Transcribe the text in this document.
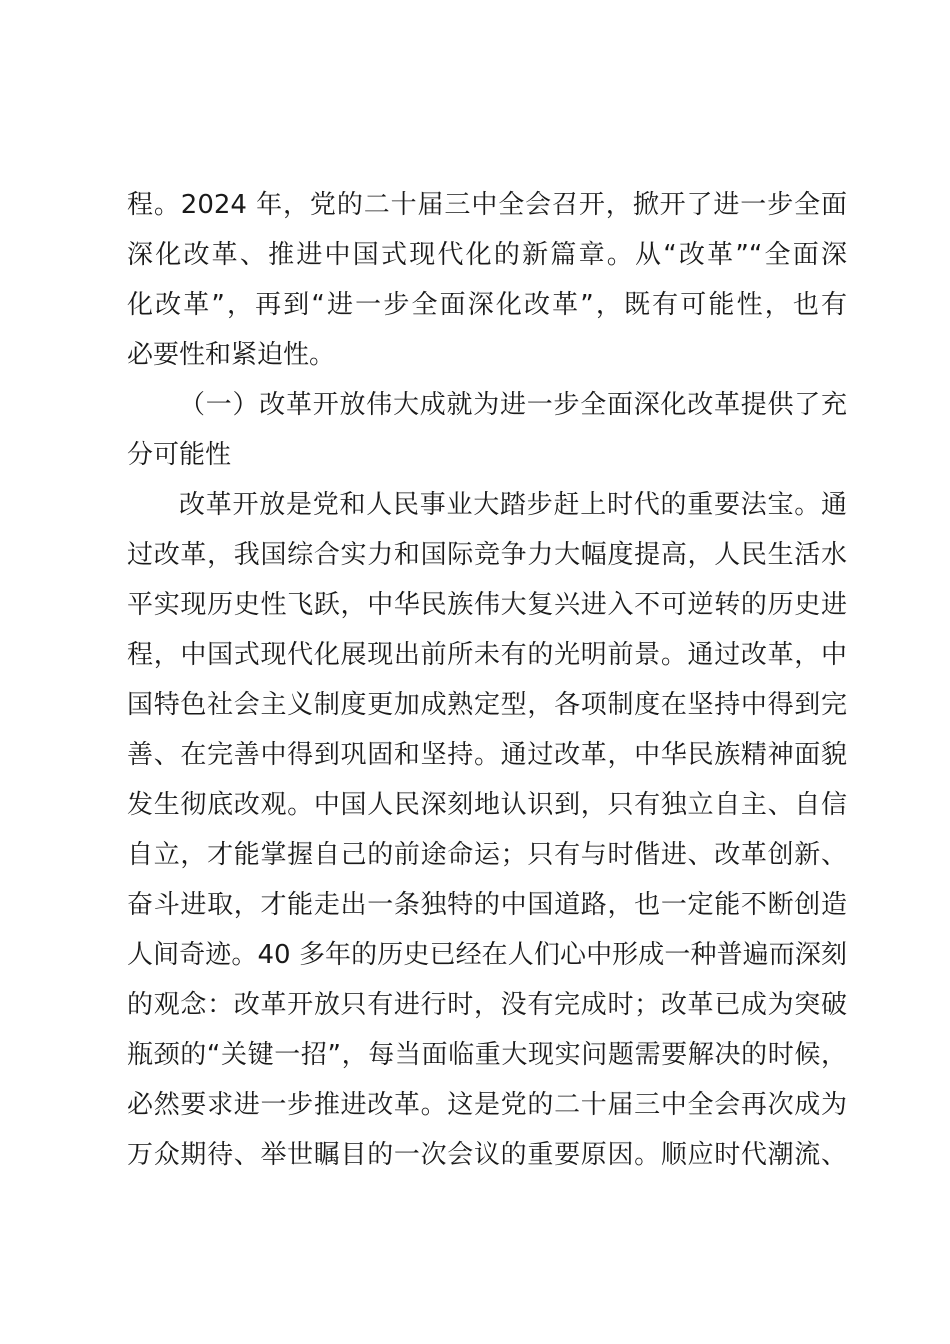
程。2024 年，党的二十届三中全会召开，掀开了进一步全面
深化改革、推进中国式现代化的新篇章。从“改革”“全面深
化改革”，再到“进一步全面深化改革”，既有可能性，也有
必要性和紧迫性。
（一）改革开放伟大成就为进一步全面深化改革提供了充
分可能性
改革开放是党和人民事业大踏步赶上时代的重要法宝。通
过改革，我国综合实力和国际竞争力大幅度提高，人民生活水
平实现历史性飞跃，中华民族伟大复兴进入不可逆转的历史进
程，中国式现代化展现出前所未有的光明前景。通过改革，中
国特色社会主义制度更加成熟定型，各项制度在坚持中得到完
善、在完善中得到巩固和坚持。通过改革，中华民族精神面貌
发生彻底改观。中国人民深刻地认识到，只有独立自主、自信
自立，才能掌握自己的前途命运；只有与时偕进、改革创新、
奋斗进取，才能走出一条独特的中国道路，也一定能不断创造
人间奇迹。40 多年的历史已经在人们心中形成一种普遍而深刻
的观念：改革开放只有进行时，没有完成时；改革已成为突破
瓶颈的“关键一招”，每当面临重大现实问题需要解决的时候，
必然要求进一步推进改革。这是党的二十届三中全会再次成为
万众期待、举世瞩目的一次会议的重要原因。顺应时代潮流、
